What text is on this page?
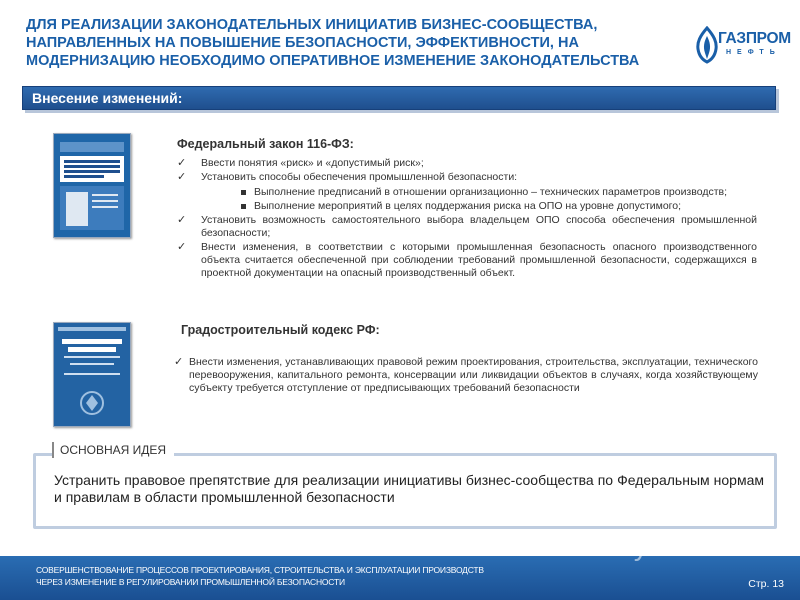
ДЛЯ РЕАЛИЗАЦИИ ЗАКОНОДАТЕЛЬНЫХ ИНИЦИАТИВ БИЗНЕС-СООБЩЕСТВА, НАПРАВЛЕННЫХ НА ПОВЫШЕНИЕ БЕЗОПАСНОСТИ, ЭФФЕКТИВНОСТИ, НА МОДЕРНИЗАЦИЮ НЕОБХОДИМО ОПЕРАТИВНОЕ ИЗМЕНЕНИЕ ЗАКОНОДАТЕЛЬСТВА
ГАЗПРОМ
НЕФТЬ
Внесение изменений:
Федеральный закон 116-ФЗ:
✓ Ввести понятия «риск» и «допустимый риск»;
✓ Установить способы обеспечения промышленной безопасности:
Выполнение предписаний в отношении организационно – технических параметров производств;
Выполнение мероприятий в целях поддержания риска на ОПО на уровне допустимого;
✓ Установить возможность самостоятельного выбора владельцем ОПО способа обеспечения промышленной безопасности;
✓ Внести изменения, в соответствии с которыми промышленная безопасность опасного производственного объекта считается обеспеченной при соблюдении требований промышленной безопасности, содержащихся в проектной документации на опасный производственный объект.
Градостроительный кодекс РФ:
✓ Внести изменения, устанавливающих правовой режим проектирования, строительства, эксплуатации, технического перевооружения, капитального ремонта, консервации или ликвидации объектов в случаях, когда хозяйствующему субъекту требуется отступление от предписывающих требований безопасности
ОСНОВНАЯ ИДЕЯ

Устранить правовое препятствие для реализации инициативы бизнес-сообщества по Федеральным нормам и правилам в области промышленной безопасности

СОВЕРШЕНСТВОВАНИЕ ПРОЦЕССОВ ПРОЕКТИРОВАНИЯ, СТРОИТЕЛЬСТВА И ЭКСПЛУАТАЦИИ ПРОИЗВОДСТВ
ЧЕРЕЗ ИЗМЕНЕНИЕ В РЕГУЛИРОВАНИИ ПРОМЫШЛЕННОЙ БЕЗОПАСНОСТИ	Стр. 13
MyShared
